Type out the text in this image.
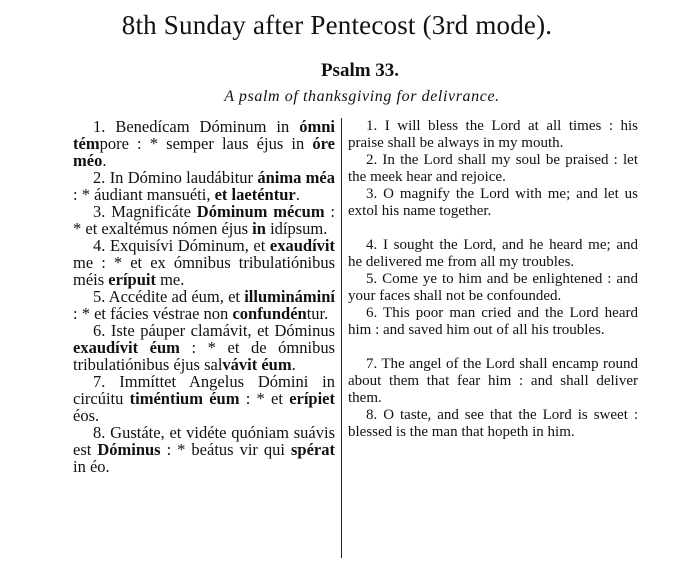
8th Sunday after Pentecost (3rd mode).
Psalm 33.
A psalm of thanksgiving for delivrance.

1. Benedícam Dóminum in ómni témpore : * semper laus éjus in óre méo.

2. In Dómino laudábitur ánima méa : * áudiant mansuéti, et laeténtur.

3. Magnificáte Dóminum mécum : * et exaltémus nómen éjus in idípsum.

4. Exquisívi Dóminum, et exaudívit me : * et ex ómnibus tribulatiónibus méis erípuit me.

5. Accédite ad éum, et illumináminí : * et fácies véstrae non confundéntur.

6. Iste páuper clamávit, et Dóminus exaudívit éum : * et de ómnibus tribulatiónibus éjus salvávit éum.

7. Immíttet Angelus Dómini in circúitu timéntium éum : * et erípiet éos.

8. Gustáte, et vidéte quóniam suávis est Dóminus : * beátus vir qui spérat in éo.

1. I will bless the Lord at all times : his praise shall be always in my mouth.

2. In the Lord shall my soul be praised : let the meek hear and rejoice.

3. O magnify the Lord with me; and let us extol his name together.

4. I sought the Lord, and he heard me; and he delivered me from all my troubles.

5. Come ye to him and be enlightened : and your faces shall not be confounded.

6. This poor man cried and the Lord heard him : and saved him out of all his troubles.

7. The angel of the Lord shall encamp round about them that fear him : and shall deliver them.

8. O taste, and see that the Lord is sweet : blessed is the man that hopeth in him.
